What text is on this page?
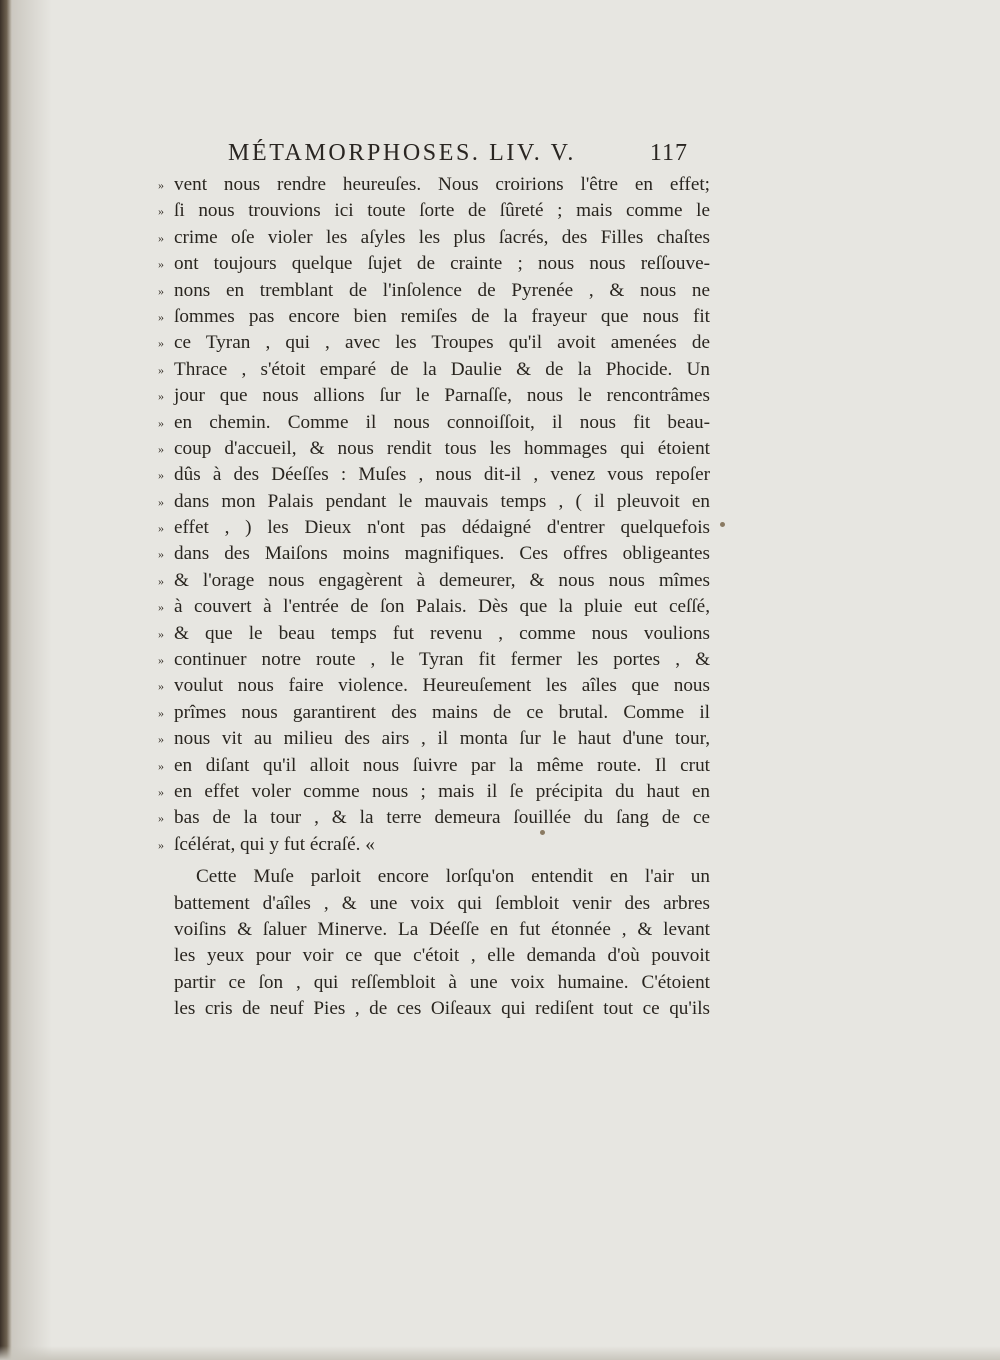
MÉTAMORPHOSES. LIV. V.	117
» vent nous rendre heureuſes. Nous croirions l'être en effet;
» ſi nous trouvions ici toute ſorte de ſûreté ; mais comme le
» crime oſe violer les aſyles les plus ſacrés, des Filles chaſtes
» ont toujours quelque ſujet de crainte ; nous nous reſſouve-
» nons en tremblant de l'inſolence de Pyrenée , & nous ne
» ſommes pas encore bien remiſes de la frayeur que nous fit
» ce Tyran , qui , avec les Troupes qu'il avoit amenées de
» Thrace , s'étoit emparé de la Daulie & de la Phocide. Un
» jour que nous allions ſur le Parnaſſe, nous le rencontrâmes
» en chemin. Comme il nous connoiſſoit, il nous fit beau-
» coup d'accueil, & nous rendit tous les hommages qui étoient
» dûs à des Déeſſes : Muſes , nous dit-il , venez vous repoſer
» dans mon Palais pendant le mauvais temps , ( il pleuvoit en
» effet , ) les Dieux n'ont pas dédaigné d'entrer quelquefois
» dans des Maiſons moins magnifiques. Ces offres obligeantes
» & l'orage nous engagèrent à demeurer, & nous nous mîmes
» à couvert à l'entrée de ſon Palais. Dès que la pluie eut ceſſé,
» & que le beau temps fut revenu , comme nous voulions
» continuer notre route , le Tyran fit fermer les portes , &
» voulut nous faire violence. Heureuſement les aîles que nous
» prîmes nous garantirent des mains de ce brutal. Comme il
» nous vit au milieu des airs , il monta ſur le haut d'une tour,
» en diſant qu'il alloit nous ſuivre par la même route. Il crut
» en effet voler comme nous ; mais il ſe précipita du haut en
» bas de la tour , & la terre demeura ſouillée du ſang de ce
» ſcélérat, qui y fut écraſé. «
Cette Muſe parloit encore lorſqu'on entendit en l'air un
battement d'aîles , & une voix qui ſembloit venir des arbres
voiſins & ſaluer Minerve. La Déeſſe en fut étonnée , & levant
les yeux pour voir ce que c'étoit , elle demanda d'où pouvoit
partir ce ſon , qui reſſembloit à une voix humaine. C'étoient
les cris de neuf Pies , de ces Oiſeaux qui rediſent tout ce qu'ils
